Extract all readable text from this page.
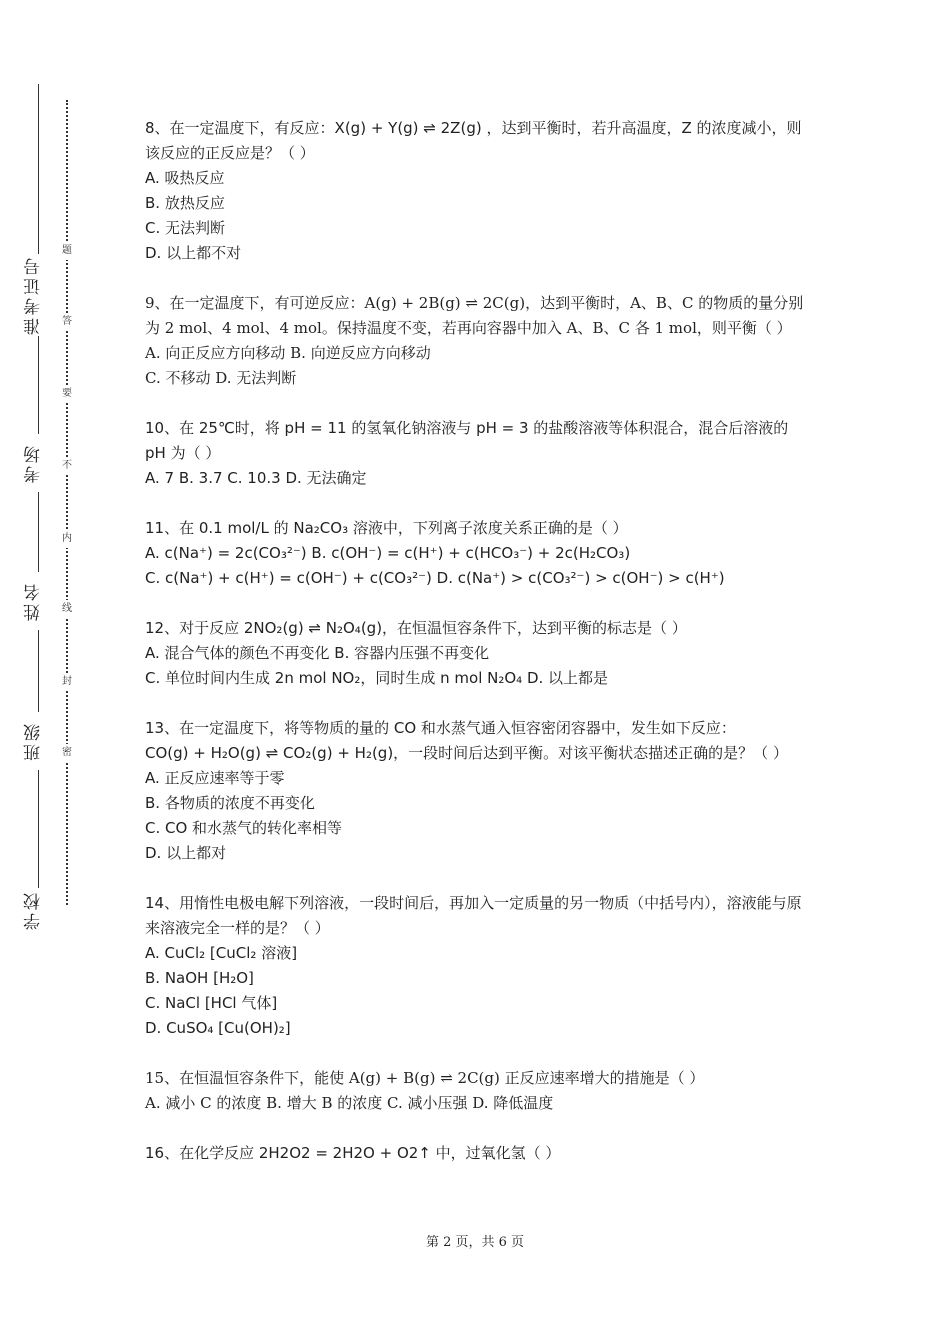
准考证号
考场
姓名
班级
学校
题
答
要
不
内
线
封
密
8、在一定温度下，有反应：X(g) + Y(g) ⇌ 2Z(g) ，达到平衡时，若升高温度，Z 的浓度减小，则该反应的正反应是？（ ）
A. 吸热反应
B. 放热反应
C. 无法判断
D. 以上都不对
9、在一定温度下，有可逆反应：A(g) + 2B(g) ⇌ 2C(g)，达到平衡时，A、B、C 的物质的量分别为 2 mol、4 mol、4 mol。保持温度不变，若再向容器中加入 A、B、C 各 1 mol，则平衡（ ）
A. 向正反应方向移动 B. 向逆反应方向移动
C. 不移动 D. 无法判断
10、在 25℃时，将 pH = 11 的氢氧化钠溶液与 pH = 3 的盐酸溶液等体积混合，混合后溶液的 pH 为（ ）
A. 7 B. 3.7 C. 10.3 D. 无法确定
11、在 0.1 mol/L 的 Na₂CO₃ 溶液中，下列离子浓度关系正确的是（ ）
A. c(Na⁺) = 2c(CO₃²⁻) B. c(OH⁻) = c(H⁺) + c(HCO₃⁻) + 2c(H₂CO₃)
C. c(Na⁺) + c(H⁺) = c(OH⁻) + c(CO₃²⁻) D. c(Na⁺) > c(CO₃²⁻) > c(OH⁻) > c(H⁺)
12、对于反应 2NO₂(g) ⇌ N₂O₄(g)，在恒温恒容条件下，达到平衡的标志是（ ）
A. 混合气体的颜色不再变化 B. 容器内压强不再变化
C. 单位时间内生成 2n mol NO₂，同时生成 n mol N₂O₄ D. 以上都是
13、在一定温度下，将等物质的量的 CO 和水蒸气通入恒容密闭容器中，发生如下反应：
CO(g) + H₂O(g) ⇌ CO₂(g) + H₂(g)，一段时间后达到平衡。对该平衡状态描述正确的是？（ ）
A. 正反应速率等于零
B. 各物质的浓度不再变化
C. CO 和水蒸气的转化率相等
D. 以上都对
14、用惰性电极电解下列溶液，一段时间后，再加入一定质量的另一物质（中括号内），溶液能与原来溶液完全一样的是？（ ）
A. CuCl₂ [CuCl₂ 溶液]
B. NaOH [H₂O]
C. NaCl [HCl 气体]
D. CuSO₄ [Cu(OH)₂]
15、在恒温恒容条件下，能使 A(g) + B(g) ⇌ 2C(g) 正反应速率增大的措施是（ ）
A. 减小 C 的浓度 B. 增大 B 的浓度 C. 减小压强 D. 降低温度
16、在化学反应 2H2O2 = 2H2O + O2↑ 中，过氧化氢（ ）
第 2 页，共 6 页
